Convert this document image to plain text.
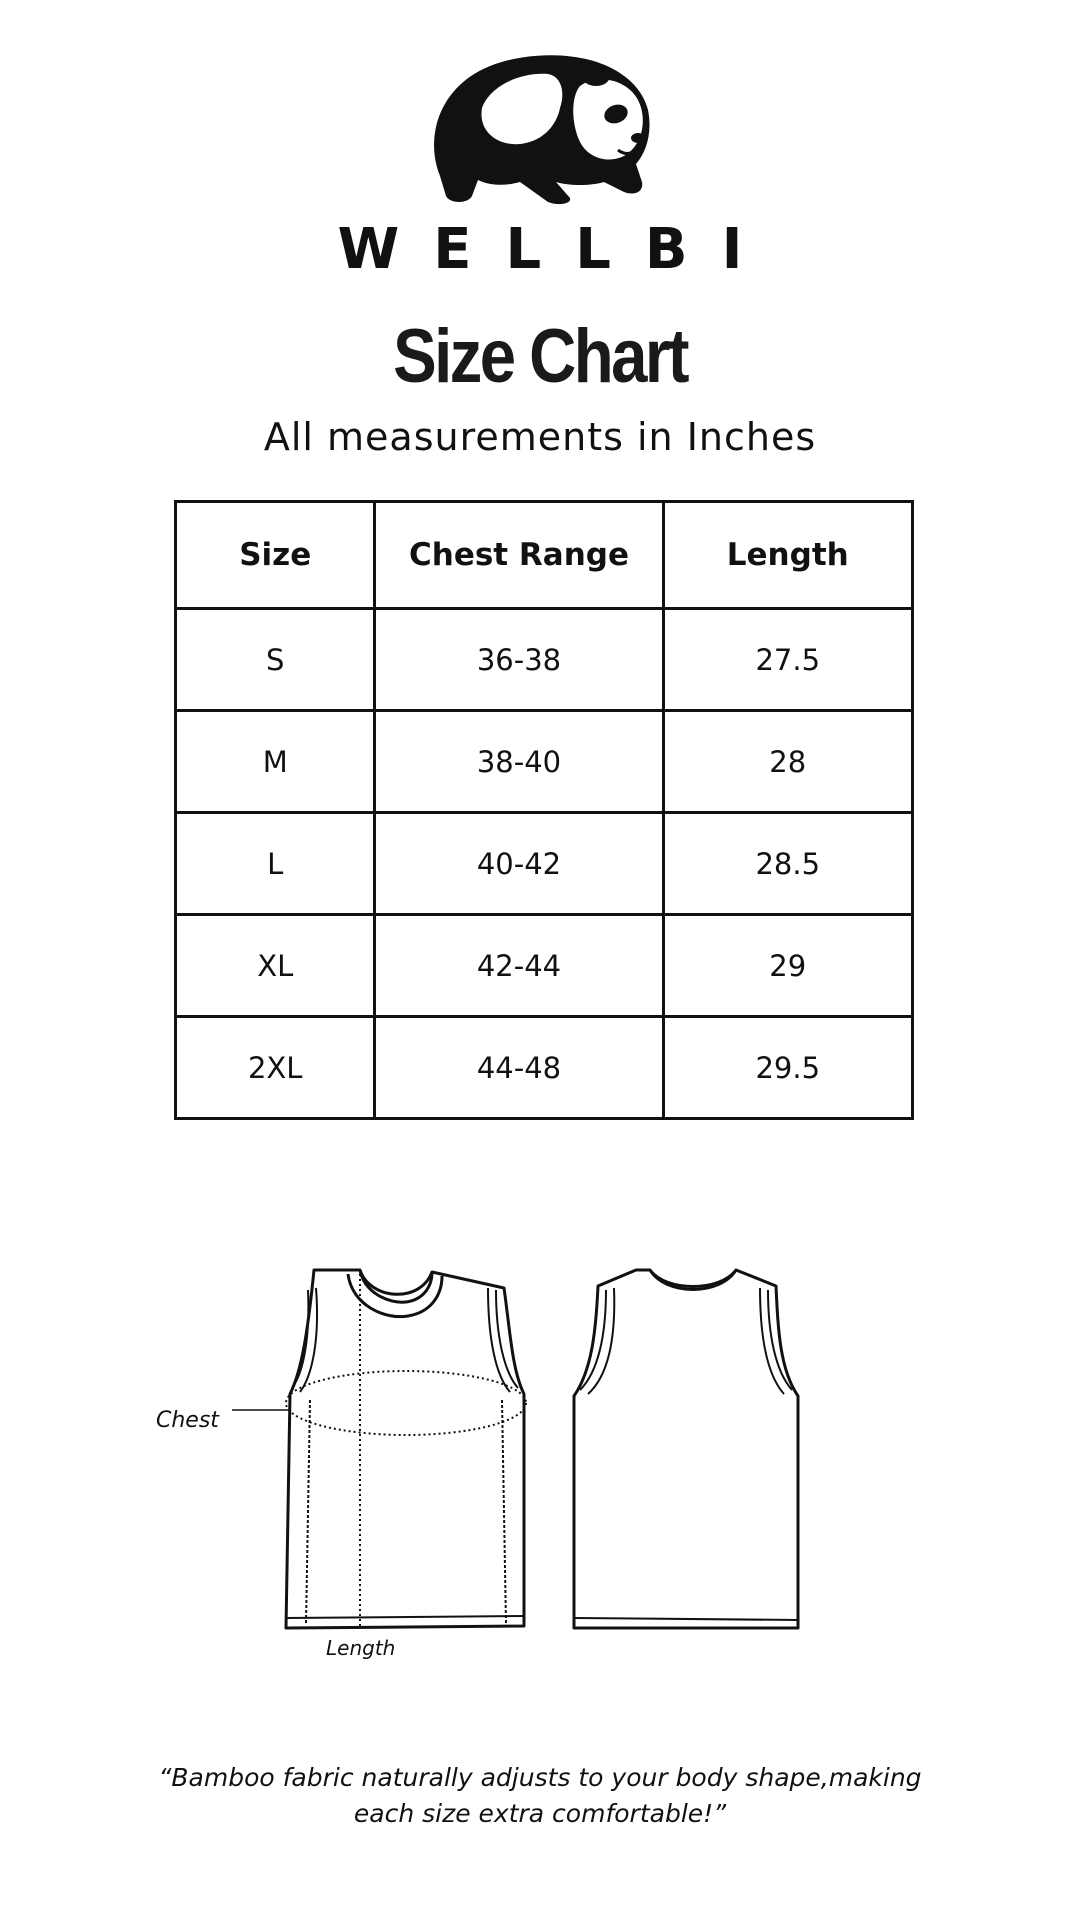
WELLBI
Size Chart
All measurements in Inches
Size	Chest Range	Length
S	36-38	27.5
M	38-40	28
L	40-42	28.5
XL	42-44	29
2XL	44-48	29.5
Chest
Length
“Bamboo fabric naturally adjusts to your body shape,making each size extra comfortable!”
